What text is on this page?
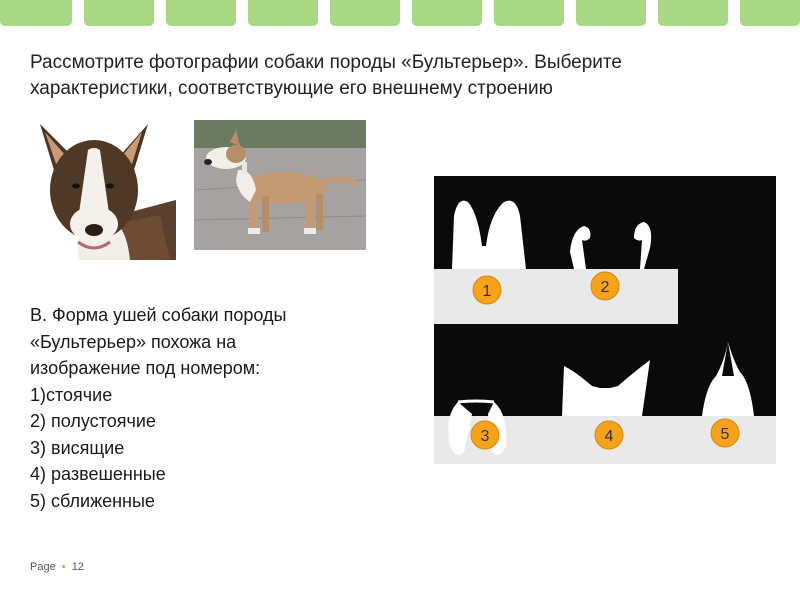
Рассмотрите фотографии собаки породы «Бультерьер». Выберите
характеристики, соответствующие его внешнему строению
В. Форма ушей собаки породы
«Бультерьер» похожа на
изображение под номером:
1)стоячие
2) полустоячие
3) висящие
4) развешенные
5) сближенные
1	2
3	4	5
Page • 12
